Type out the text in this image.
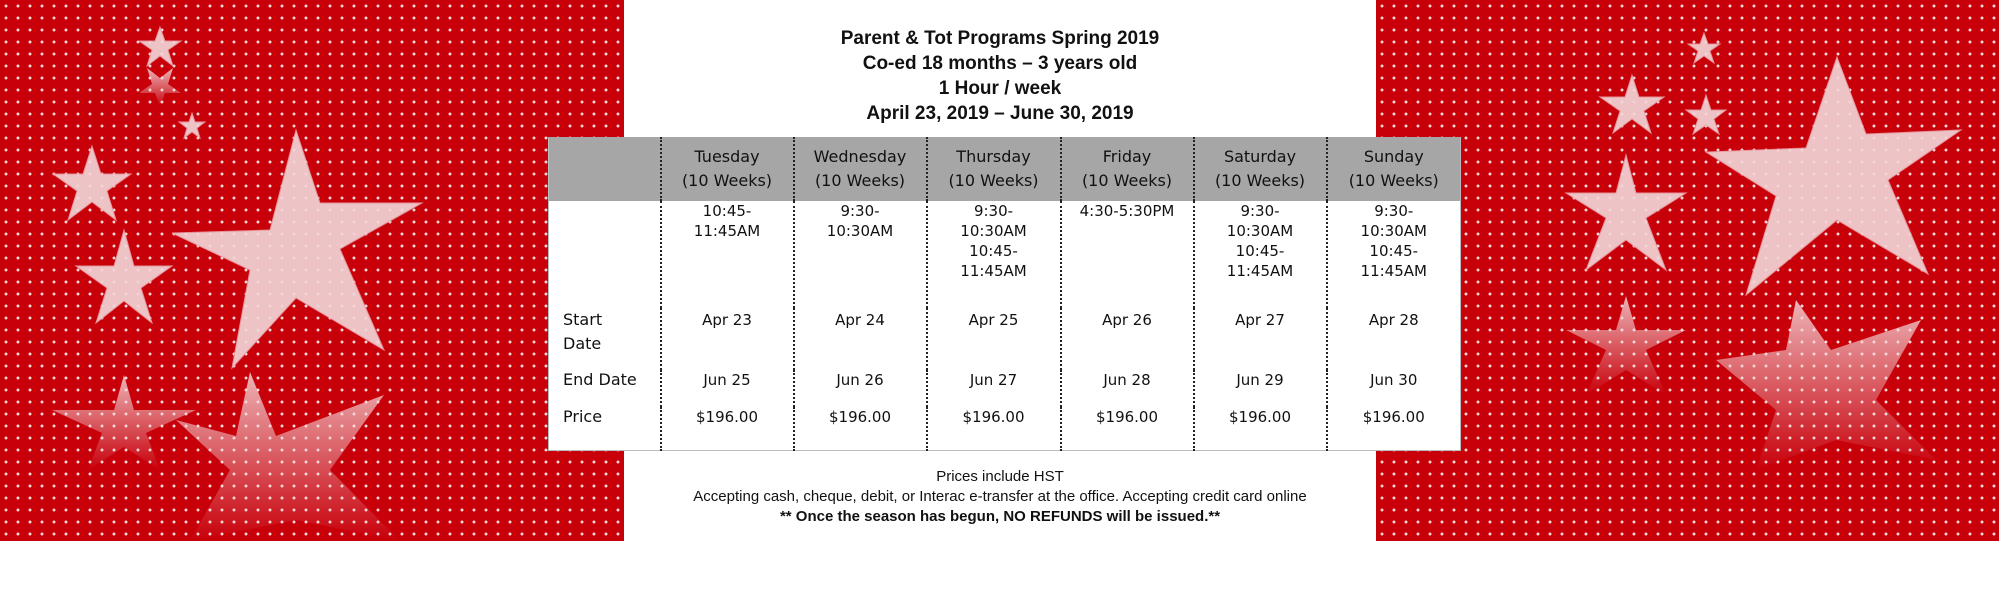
Parent & Tot Programs Spring 2019
Co-ed 18 months – 3 years old
1 Hour / week
April 23, 2019 – June 30, 2019

	Tuesday
(10 Weeks)	Wednesday
(10 Weeks)	Thursday
(10 Weeks)	Friday
(10 Weeks)	Saturday
(10 Weeks)	Sunday
(10 Weeks)

	10:45-
11:45AM	9:30-
10:30AM	9:30-
10:30AM
10:45-
11:45AM	4:30-5:30PM	9:30-
10:30AM
10:45-
11:45AM	9:30-
10:30AM
10:45-
11:45AM

Start
Date	Apr 23	Apr 24	Apr 25	Apr 26	Apr 27	Apr 28
End Date	Jun 25	Jun 26	Jun 27	Jun 28	Jun 29	Jun 30
Price	$196.00	$196.00	$196.00	$196.00	$196.00	$196.00
Prices include HST
Accepting cash, cheque, debit, or Interac e-transfer at the office. Accepting credit card online
** Once the season has begun, NO REFUNDS will be issued.**
